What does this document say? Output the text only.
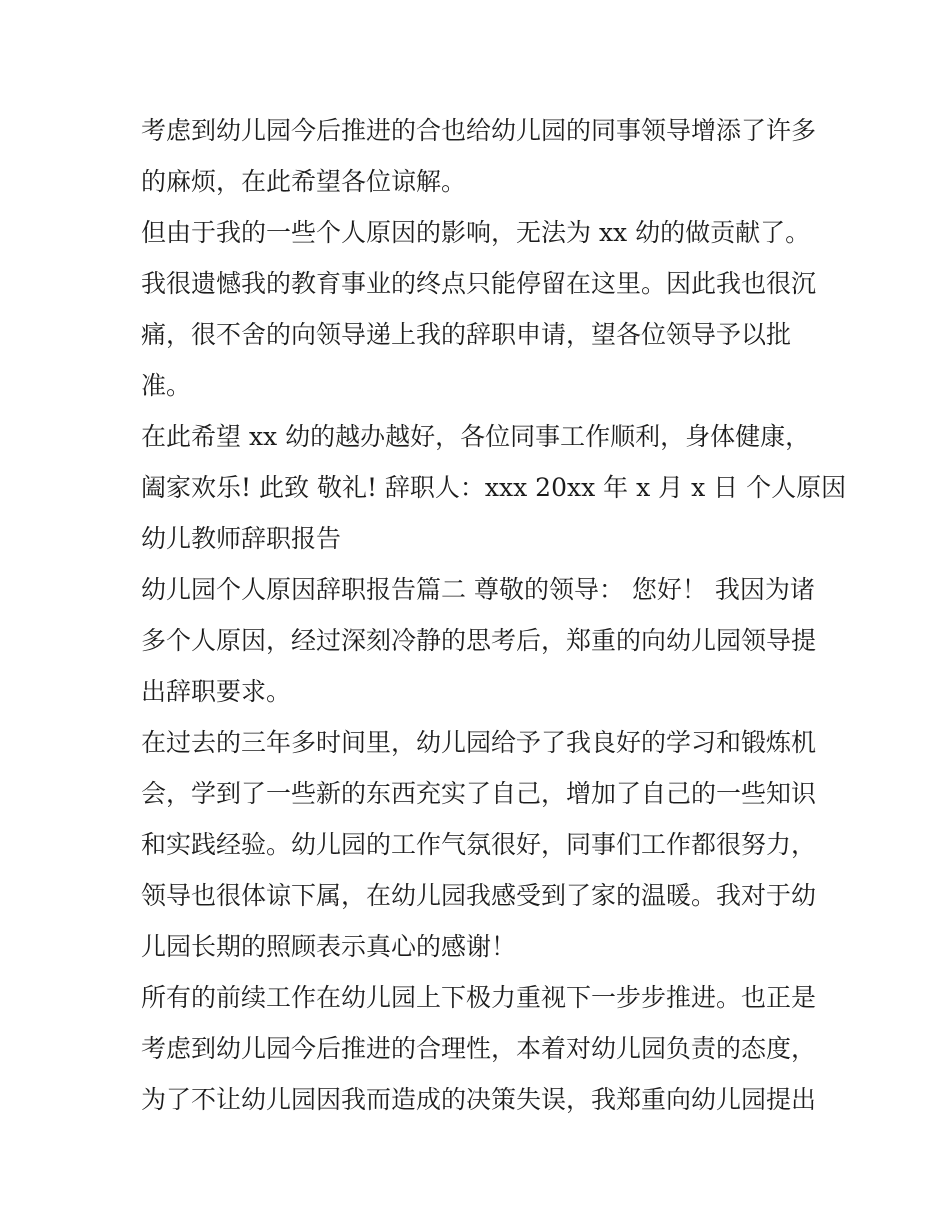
考虑到幼儿园今后推进的合也给幼儿园的同事领导增添了许多
的麻烦，在此希望各位谅解。
但由于我的一些个人原因的影响，无法为 xx 幼的做贡献了。
我很遗憾我的教育事业的终点只能停留在这里。因此我也很沉
痛，很不舍的向领导递上我的辞职申请，望各位领导予以批
准。
在此希望 xx 幼的越办越好，各位同事工作顺利，身体健康，
阖家欢乐! 此致 敬礼! 辞职人：xxx 20xx 年 x 月 x 日 个人原因
幼儿教师辞职报告
幼儿园个人原因辞职报告篇二 尊敬的领导： 您好！ 我因为诸
多个人原因，经过深刻冷静的思考后，郑重的向幼儿园领导提
出辞职要求。
在过去的三年多时间里，幼儿园给予了我良好的学习和锻炼机
会，学到了一些新的东西充实了自己，增加了自己的一些知识
和实践经验。幼儿园的工作气氛很好，同事们工作都很努力，
领导也很体谅下属，在幼儿园我感受到了家的温暖。我对于幼
儿园长期的照顾表示真心的感谢！
所有的前续工作在幼儿园上下极力重视下一步步推进。也正是
考虑到幼儿园今后推进的合理性，本着对幼儿园负责的态度，
为了不让幼儿园因我而造成的决策失误，我郑重向幼儿园提出
